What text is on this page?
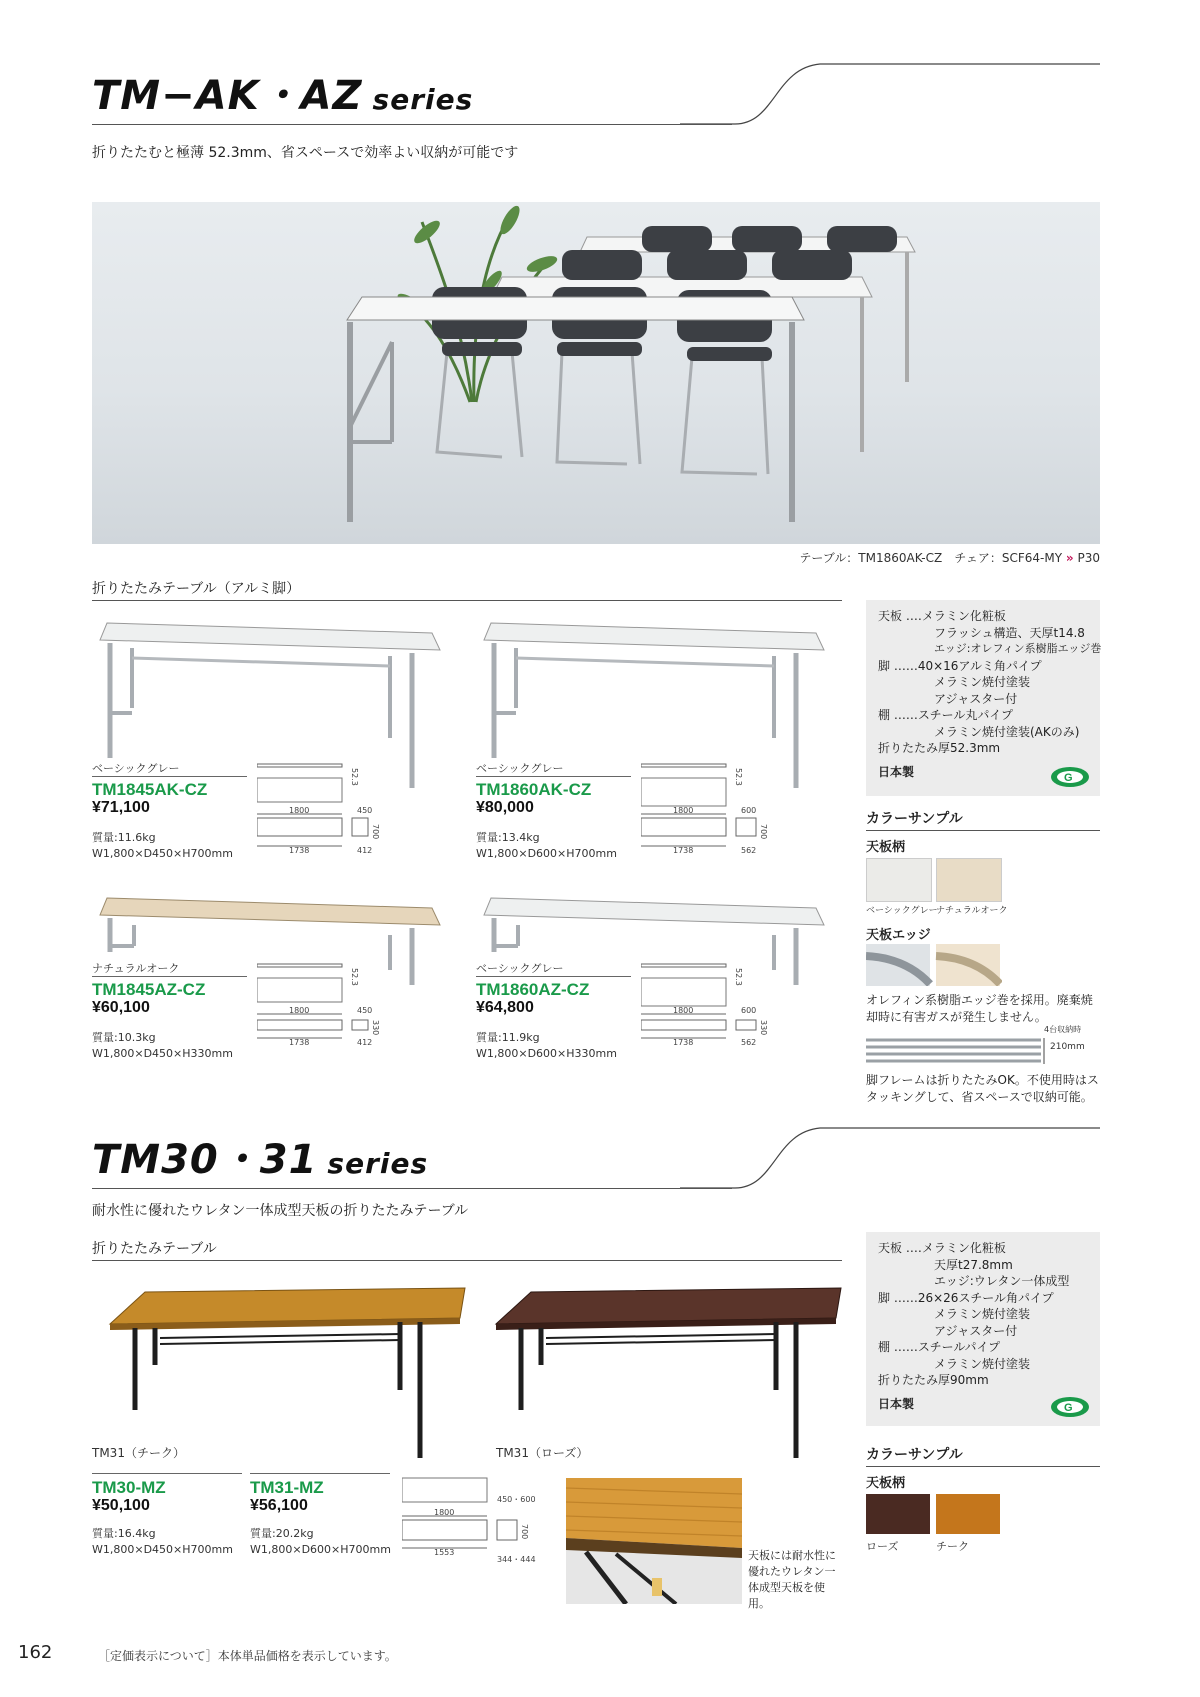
TM−AK・AZ series
折りたたむと極薄 52.3mm、省スペースで効率よい収納が可能です
テーブル：TM1860AK-CZ　チェア：SCF64-MY » P30
折りたたみテーブル（アルミ脚）
ベーシックグレー
TM1845AK-CZ
¥71,100
質量:11.6kg
W1,800×D450×H700mm
52.3
1800
1738
450
700
412
ベーシックグレー
TM1860AK-CZ
¥80,000
質量:13.4kg
W1,800×D600×H700mm
52.3
1800
1738
600
700
562
ナチュラルオーク
TM1845AZ-CZ
¥60,100
質量:10.3kg
W1,800×D450×H330mm
52.3
1800
1738
450
330
412
ベーシックグレー
TM1860AZ-CZ
¥64,800
質量:11.9kg
W1,800×D600×H330mm
52.3
1800
1738
600
330
562
天板 ‥‥メラミン化粧板
フラッシュ構造、天厚t14.8
エッジ:オレフィン系樹脂エッジ巻
脚 ‥‥‥40×16アルミ角パイプ
メラミン焼付塗装
アジャスター付
棚 ‥‥‥スチール丸パイプ
メラミン焼付塗装(AKのみ)
折りたたみ厚52.3mm
日本製	G
カラーサンプル
天板柄
ベーシックグレー
ナチュラルオーク
天板エッジ
オレフィン系樹脂エッジ巻を採用。廃棄焼却時に有害ガスが発生しません。
4台収納時
210mm
脚フレームは折りたたみOK。不使用時はスタッキングして、省スペースで収納可能。
TM30・31 series
耐水性に優れたウレタン一体成型天板の折りたたみテーブル
折りたたみテーブル
TM31（チーク）	TM31（ローズ）
TM30-MZ
¥50,100
質量:16.4kg
W1,800×D450×H700mm
TM31-MZ
¥56,100
質量:20.2kg
W1,800×D600×H700mm
1800
1553
450・600
700
344・444	天板には耐水性に優れたウレタン一体成型天板を使用。
天板 ‥‥メラミン化粧板
天厚t27.8mm
エッジ:ウレタン一体成型
脚 ‥‥‥26×26スチール角パイプ
メラミン焼付塗装
アジャスター付
棚 ‥‥‥スチールパイプ
メラミン焼付塗装
折りたたみ厚90mm
日本製	G
カラーサンプル
天板柄
ローズ	チーク
162	［定価表示について］本体単品価格を表示しています。
